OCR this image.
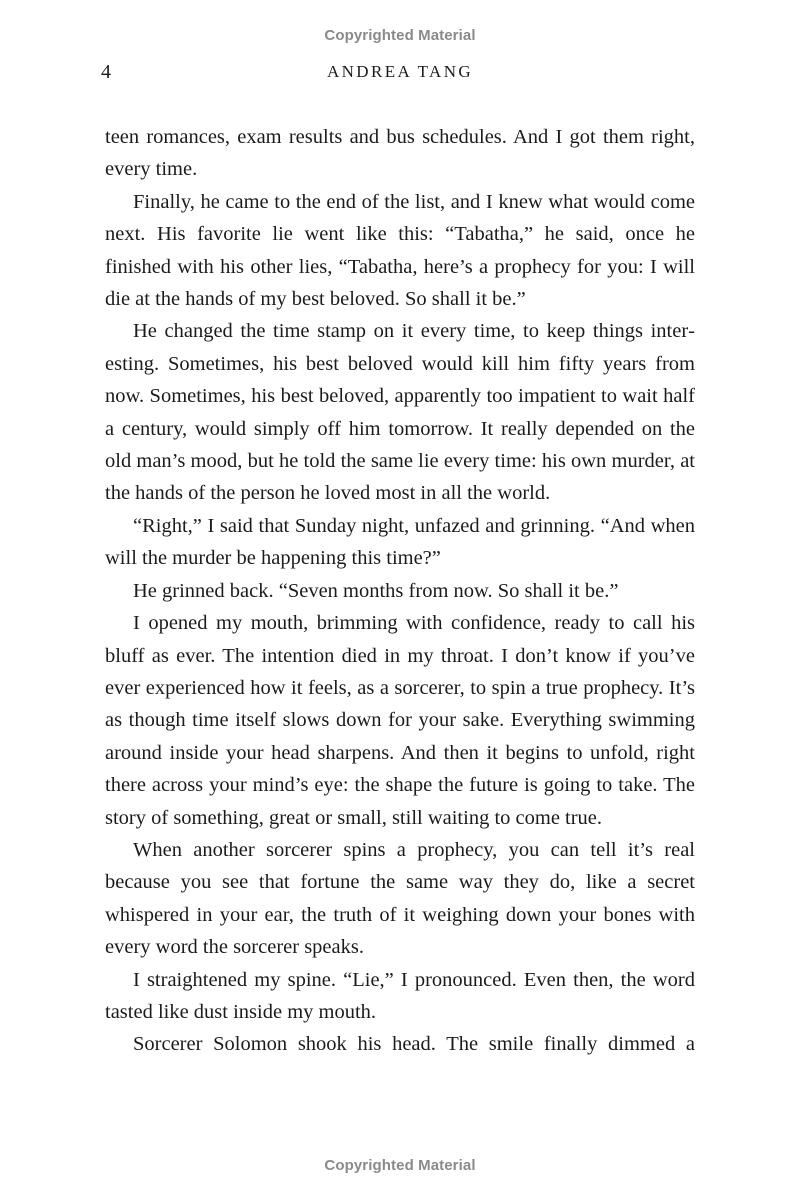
Copyrighted Material
4	ANDREA TANG

teen romances, exam results and bus schedules. And I got them right, every time.

Finally, he came to the end of the list, and I knew what would come next. His favorite lie went like this: “Tabatha,” he said, once he finished with his other lies, “Tabatha, here’s a prophecy for you: I will die at the hands of my best beloved. So shall it be.”

He changed the time stamp on it every time, to keep things interesting. Sometimes, his best beloved would kill him fifty years from now. Sometimes, his best beloved, apparently too impatient to wait half a century, would simply off him tomorrow. It really depended on the old man’s mood, but he told the same lie every time: his own murder, at the hands of the person he loved most in all the world.

“Right,” I said that Sunday night, unfazed and grinning. “And when will the murder be happening this time?”

He grinned back. “Seven months from now. So shall it be.”

I opened my mouth, brimming with confidence, ready to call his bluff as ever. The intention died in my throat. I don’t know if you’ve ever experienced how it feels, as a sorcerer, to spin a true prophecy. It’s as though time itself slows down for your sake. Everything swimming around inside your head sharpens. And then it begins to unfold, right there across your mind’s eye: the shape the future is going to take. The story of something, great or small, still waiting to come true.

When another sorcerer spins a prophecy, you can tell it’s real because you see that fortune the same way they do, like a secret whispered in your ear, the truth of it weighing down your bones with every word the sorcerer speaks.

I straightened my spine. “Lie,” I pronounced. Even then, the word tasted like dust inside my mouth.

Sorcerer Solomon shook his head. The smile finally dimmed a

Copyrighted Material
